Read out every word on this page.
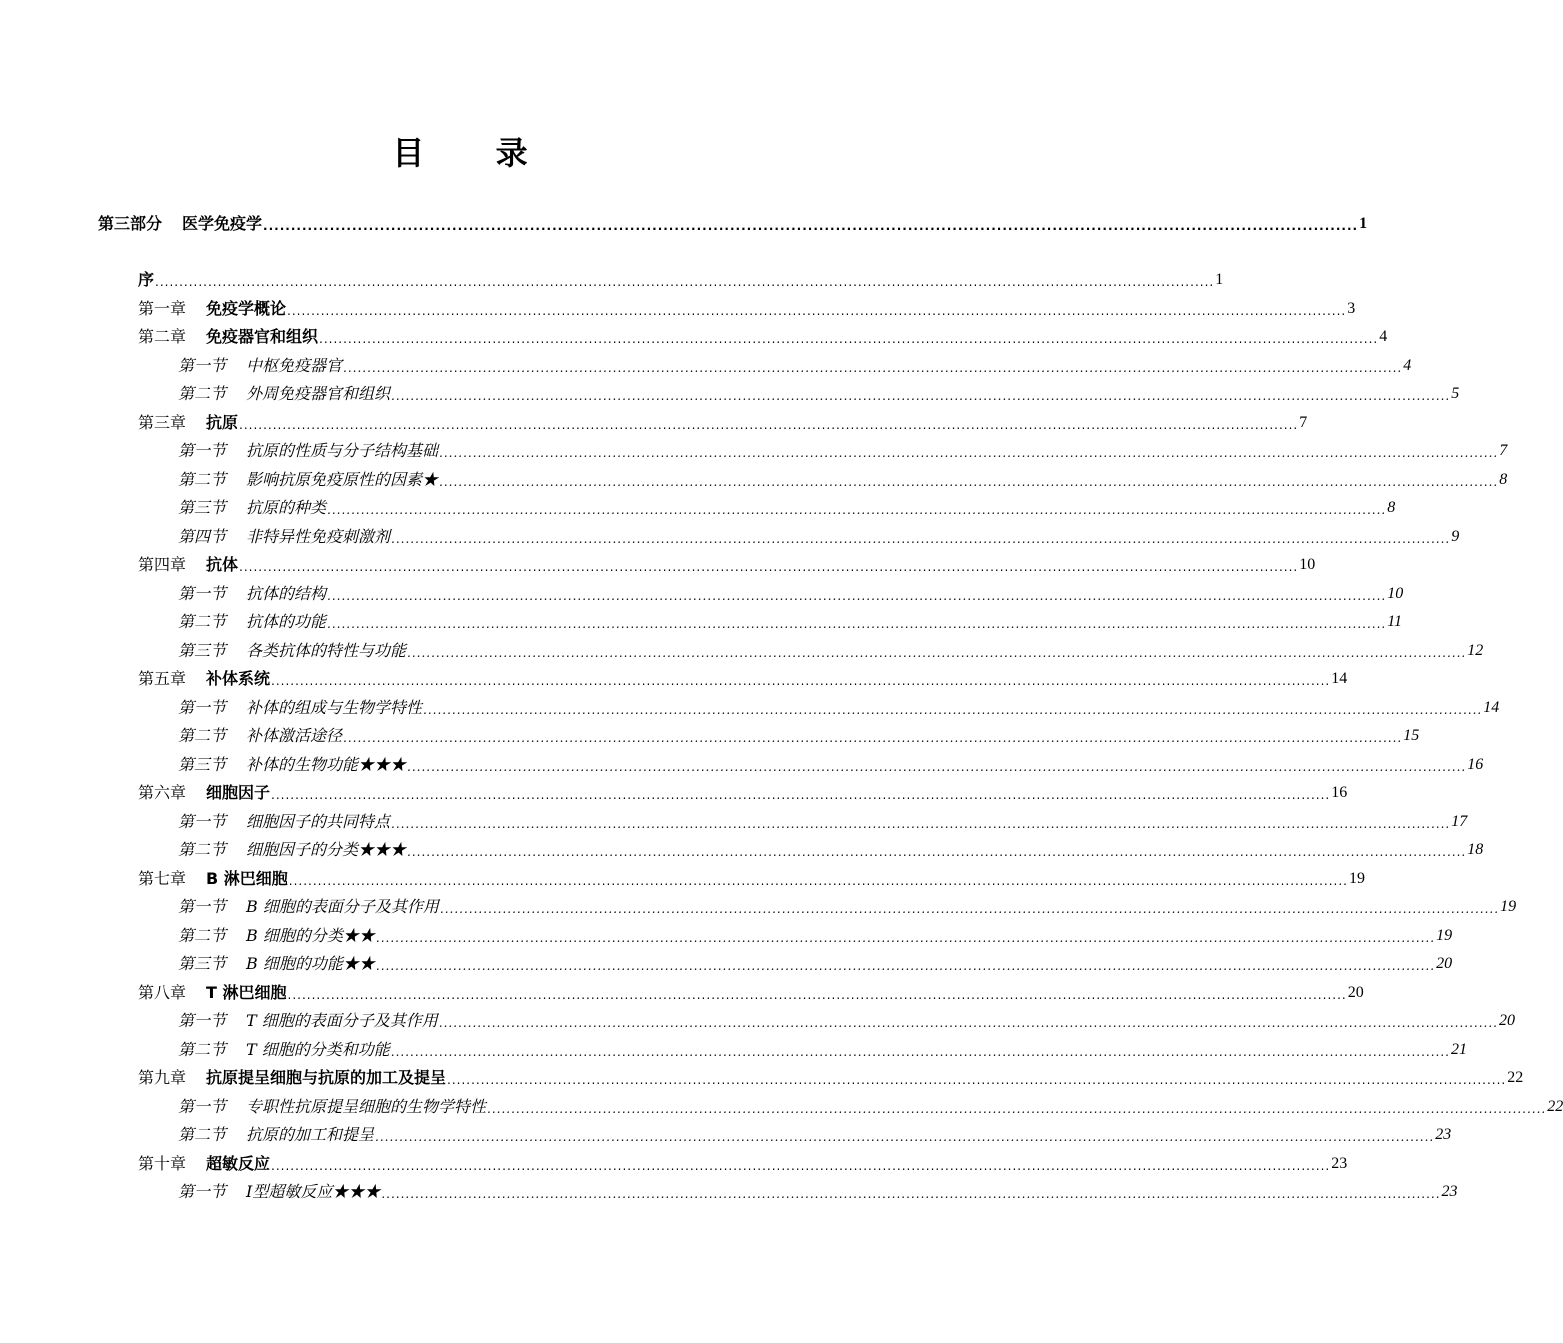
目 录
第三部分 医学免疫学 ..................................................................................................................................................................................................... 1
序 ............................................................................................................................................................................................................................ 1
第一章 免疫学概论 ............................................................................................................................................................................................................................ 3
第二章 免疫器官和组织 ............................................................................................................................................................................................................................ 4
第一节 中枢免疫器官 ............................................................................................................................................................................................................................ 4
第二节 外周免疫器官和组织 ............................................................................................................................................................................................................................ 5
第三章 抗原 ............................................................................................................................................................................................................................ 7
第一节 抗原的性质与分子结构基础 ............................................................................................................................................................................................................................ 7
第二节 影响抗原免疫原性的因素★ ............................................................................................................................................................................................................................ 8
第三节 抗原的种类 ............................................................................................................................................................................................................................ 8
第四节 非特异性免疫刺激剂 ............................................................................................................................................................................................................................ 9
第四章 抗体 ............................................................................................................................................................................................................................ 10
第一节 抗体的结构 ............................................................................................................................................................................................................................ 10
第二节 抗体的功能 ............................................................................................................................................................................................................................ 11
第三节 各类抗体的特性与功能 ............................................................................................................................................................................................................................ 12
第五章 补体系统 ............................................................................................................................................................................................................................ 14
第一节 补体的组成与生物学特性 ............................................................................................................................................................................................................................ 14
第二节 补体激活途径 ............................................................................................................................................................................................................................ 15
第三节 补体的生物功能★★★ ............................................................................................................................................................................................................................ 16
第六章 细胞因子 ............................................................................................................................................................................................................................ 16
第一节 细胞因子的共同特点 ............................................................................................................................................................................................................................ 17
第二节 细胞因子的分类★★★ ............................................................................................................................................................................................................................ 18
第七章 B 淋巴细胞 ............................................................................................................................................................................................................................ 19
第一节 B 细胞的表面分子及其作用 ............................................................................................................................................................................................................................ 19
第二节 B 细胞的分类★★ ............................................................................................................................................................................................................................ 19
第三节 B 细胞的功能★★ ............................................................................................................................................................................................................................ 20
第八章 T 淋巴细胞 ............................................................................................................................................................................................................................ 20
第一节 T 细胞的表面分子及其作用 ............................................................................................................................................................................................................................ 20
第二节 T 细胞的分类和功能 ............................................................................................................................................................................................................................ 21
第九章 抗原提呈细胞与抗原的加工及提呈 ............................................................................................................................................................................................................................ 22
第一节 专职性抗原提呈细胞的生物学特性 ............................................................................................................................................................................................................................ 22
第二节 抗原的加工和提呈 ............................................................................................................................................................................................................................ 23
第十章 超敏反应 ............................................................................................................................................................................................................................ 23
第一节 Ⅰ型超敏反应★★★ ............................................................................................................................................................................................................................ 23
